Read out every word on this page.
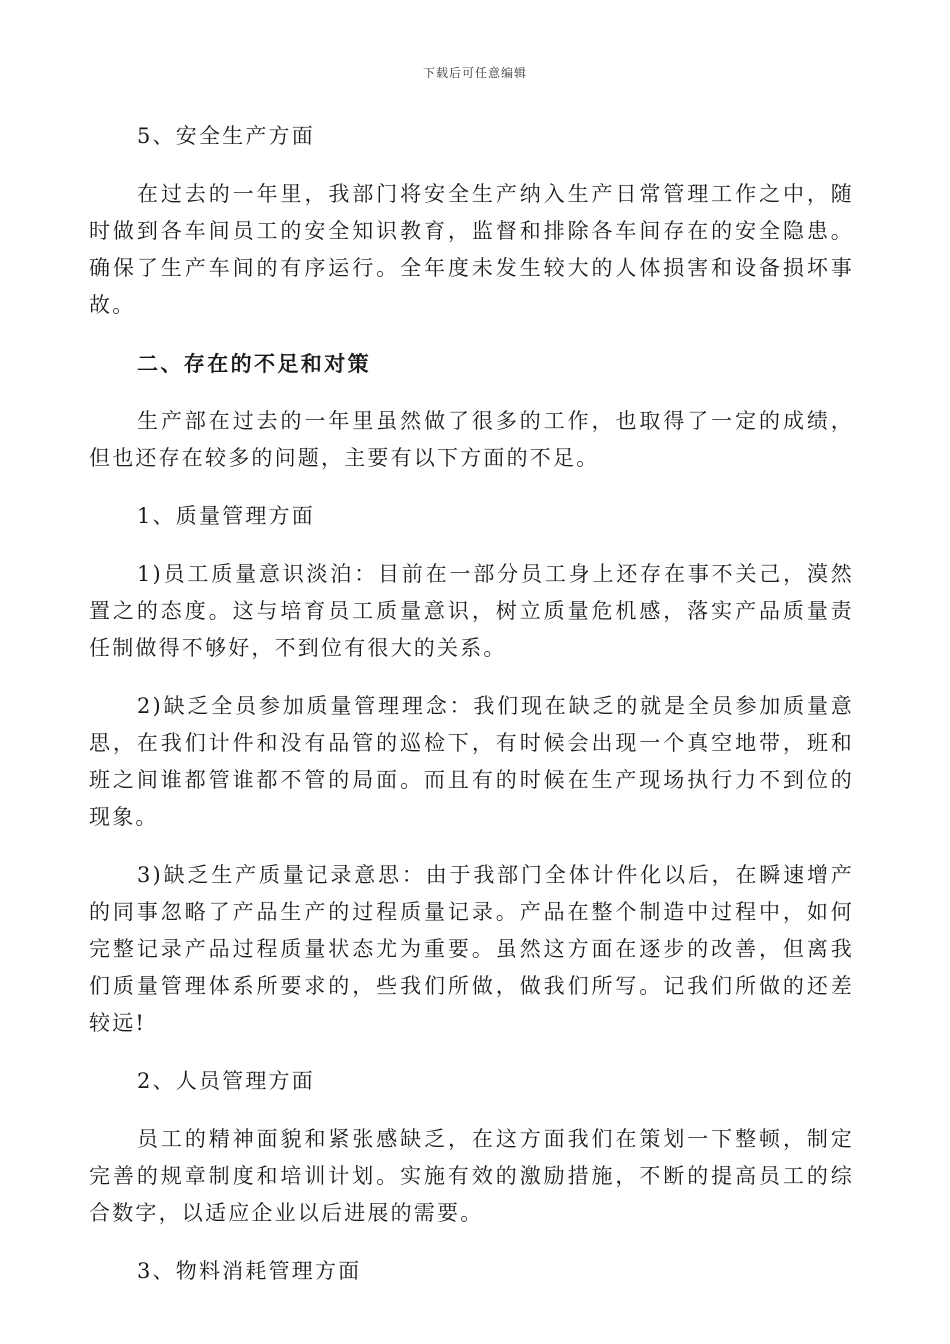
下载后可任意编辑

5、安全生产方面

在过去的一年里，我部门将安全生产纳入生产日常管理工作之中，随时做到各车间员工的安全知识教育，监督和排除各车间存在的安全隐患。确保了生产车间的有序运行。全年度未发生较大的人体损害和设备损坏事故。

二、存在的不足和对策

生产部在过去的一年里虽然做了很多的工作，也取得了一定的成绩，但也还存在较多的问题，主要有以下方面的不足。

1、质量管理方面

1)员工质量意识淡泊：目前在一部分员工身上还存在事不关己，漠然置之的态度。这与培育员工质量意识，树立质量危机感，落实产品质量责任制做得不够好，不到位有很大的关系。

2)缺乏全员参加质量管理理念：我们现在缺乏的就是全员参加质量意思，在我们计件和没有品管的巡检下，有时候会出现一个真空地带，班和班之间谁都管谁都不管的局面。而且有的时候在生产现场执行力不到位的现象。

3)缺乏生产质量记录意思：由于我部门全体计件化以后，在瞬速增产的同事忽略了产品生产的过程质量记录。产品在整个制造中过程中，如何完整记录产品过程质量状态尤为重要。虽然这方面在逐步的改善，但离我们质量管理体系所要求的，些我们所做，做我们所写。记我们所做的还差较远!

2、人员管理方面

员工的精神面貌和紧张感缺乏，在这方面我们在策划一下整顿，制定完善的规章制度和培训计划。实施有效的激励措施，不断的提高员工的综合数字，以适应企业以后进展的需要。

3、物料消耗管理方面
